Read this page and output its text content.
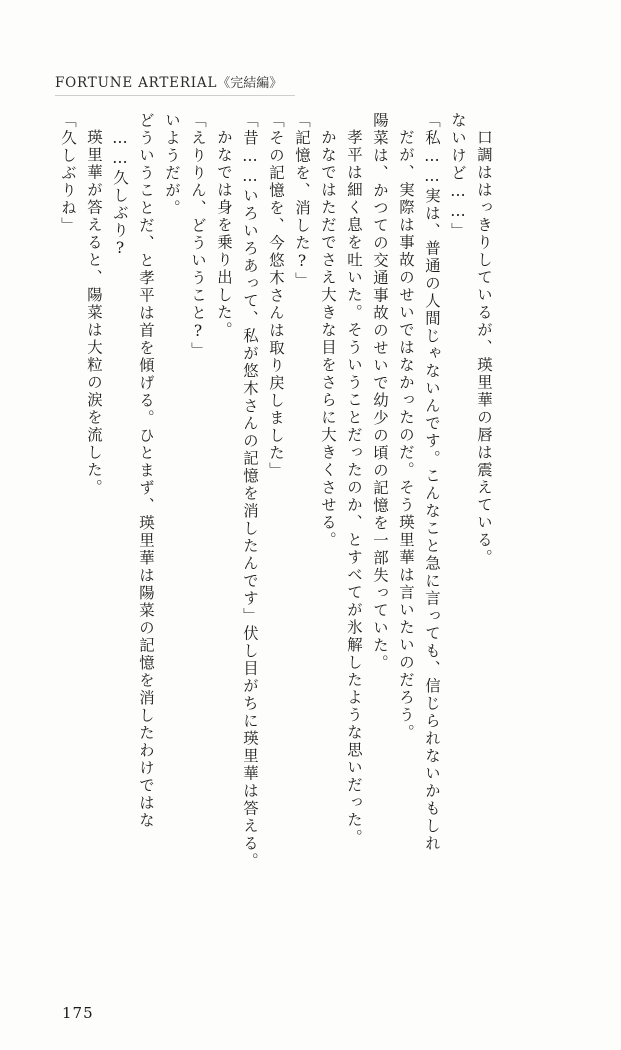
FORTUNE ARTERIAL《完結編》
「久しぶりね」 瑛里華が答えると、陽菜は大粒の涙を流した。 ……久しぶり? どういうことだ、と孝平は首を傾げる。ひとまず、瑛里華は陽菜の記憶を消したわけではな いようだが。 「えりりん、どういうこと?」 かなでは身を乗り出した。 「昔……いろいろあって、私が悠木さんの記憶を消したんです」伏し目がちに瑛里華は答える。 「その記憶を、今悠木さんは取り戻しました」 「記憶を、消した?」 かなではただでさえ大きな目をさらに大きくさせる。 孝平は細く息を吐いた。そういうことだったのか、とすべてが氷解したような思いだった。 陽菜は、かつての交通事故のせいで幼少の頃の記憶を一部失っていた。 だが、実際は事故のせいではなかったのだ。そう瑛里華は言いたいのだろう。 「私……実は、普通の人間じゃないんです。こんなこと急に言っても、信じられないかもしれ ないけど……」 口調ははっきりしているが、瑛里華の唇は震えている。
175
